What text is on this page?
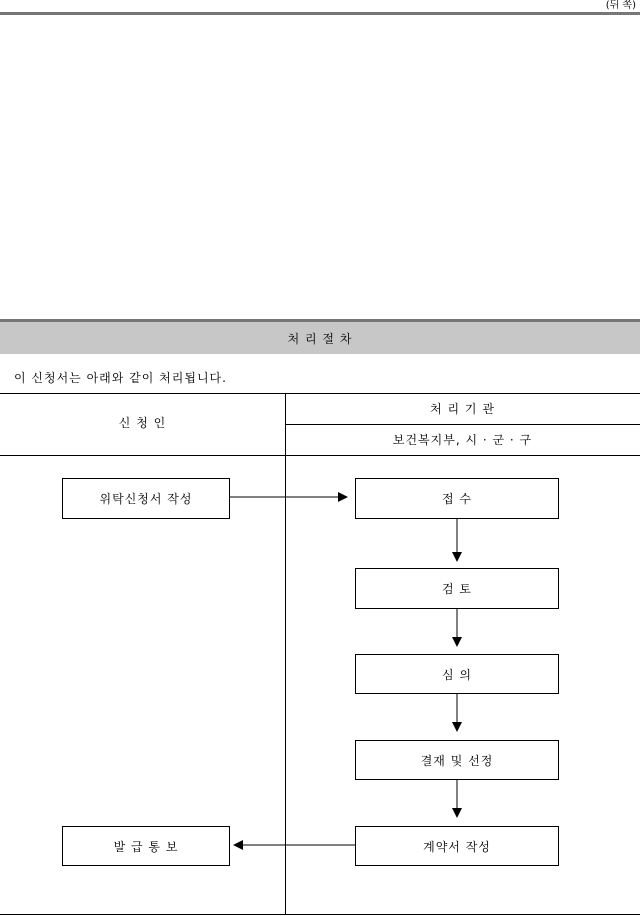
(뒤 쪽)
처 리 절 차
이 신청서는 아래와 같이 처리됩니다.
신 청 인
처 리 기 관
보건복지부, 시 · 군 · 구
위탁신청서 작성
발 급 통 보
접 수
검 토
심 의
결재 및 선정
계약서 작성
